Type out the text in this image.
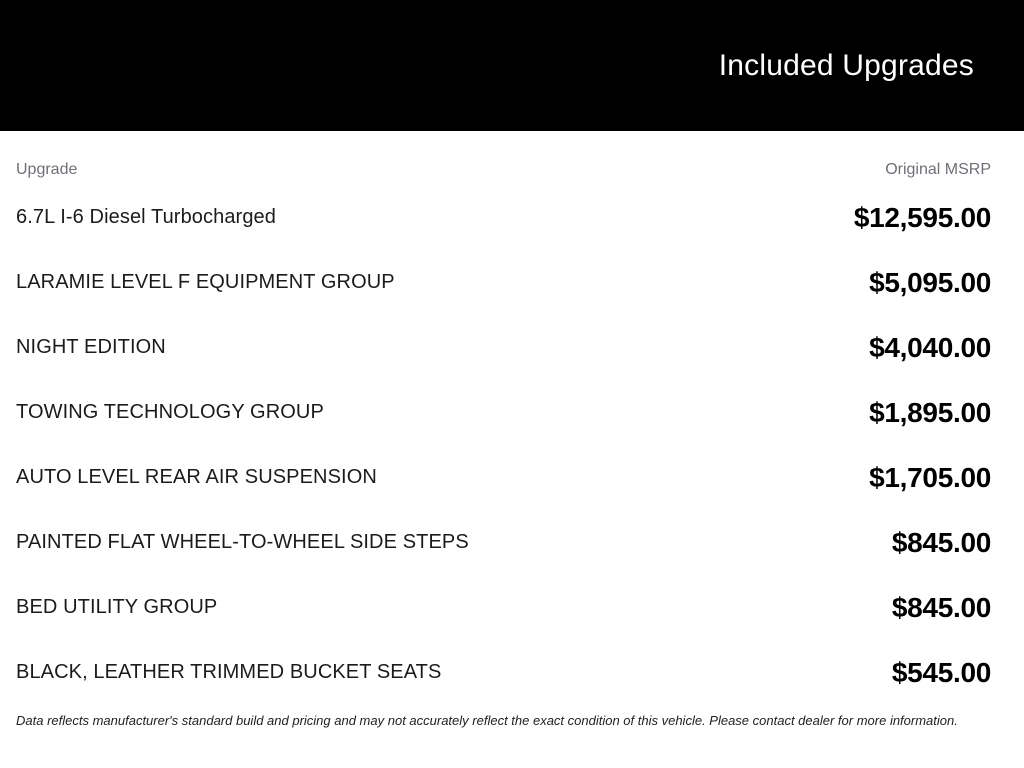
Included Upgrades
Upgrade	Original MSRP
6.7L I-6 Diesel Turbocharged	$12,595.00
LARAMIE LEVEL F EQUIPMENT GROUP	$5,095.00
NIGHT EDITION	$4,040.00
TOWING TECHNOLOGY GROUP	$1,895.00
AUTO LEVEL REAR AIR SUSPENSION	$1,705.00
PAINTED FLAT WHEEL-TO-WHEEL SIDE STEPS	$845.00
BED UTILITY GROUP	$845.00
BLACK, LEATHER TRIMMED BUCKET SEATS	$545.00
Data reflects manufacturer's standard build and pricing and may not accurately reflect the exact condition of this vehicle. Please contact dealer for more information.
